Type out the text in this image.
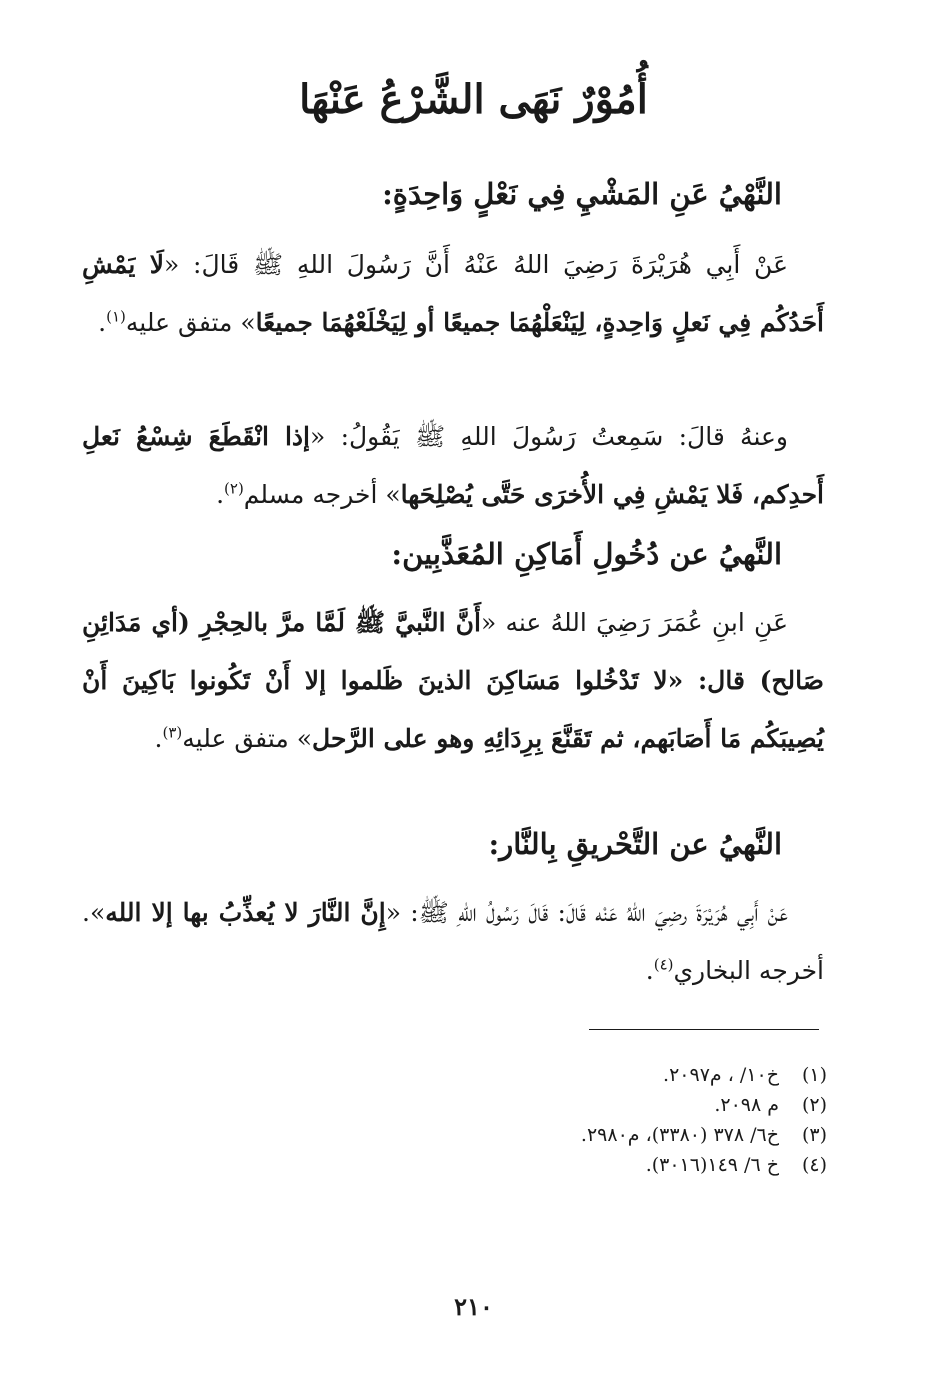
أُمُوْرٌ نَهَى الشَّرْعُ عَنْهَا
النَّهْيُ عَنِ المَشْيِ فِي نَعْلٍ وَاحِدَةٍ:
عَنْ أَبِي هُرَيْرَةَ رَضِيَ اللهُ عَنْهُ أَنَّ رَسُولَ اللهِ ﷺ قَالَ: «لَا يَمْشِ أَحَدُكُم فِي نَعلٍ وَاحِدةٍ، لِيَنْعَلْهُمَا جميعًا أو لِيَخْلَعْهُمَا جميعًا» متفق عليه$^{(١)}$.
وعنهُ قالَ: سَمِعتُ رَسُولَ اللهِ ﷺ يَقُولُ: «إذا انْقَطَعَ شِسْعُ نَعلِ أَحدِكم، فَلا يَمْشِ فِي الأُخرَى حَتَّى يُصْلِحَها» أخرجه مسلم$^{(٢)}$.
النَّهيُ عن دُخُولِ أَمَاكِنِ المُعَذَّبِين:
عَنِ ابنِ عُمَرَ رَضِيَ اللهُ عنه «أَنَّ النَّبيَّ ﷺ لَمَّا مرَّ بالحِجْرِ (أي مَدَائِنِ صَالح) قال: «لا تَدْخُلوا مَسَاكِنَ الذينَ ظَلموا إلا أَنْ تَكُونوا بَاكِينَ أَنْ يُصِيبَكُم مَا أَصَابَهم، ثم تَقَنَّعَ بِرِدَائِهِ وهو على الرَّحل» متفق عليه$^{(٣)}$.
النَّهيُ عن التَّحْريقِ بِالنَّار:
عَنْ أَبِي هُرَيْرَةَ رضِيَ اللهُ عَنْه قَالَ: قَالَ رَسُولُ اللهِ ﷺ: «إِنَّ النَّارَ لا يُعذِّبُ بها إلا الله». أخرجه البخاري$^{(٤)}$.
(١)
خ١٠/ ، م٢٠٩٧.
(٢)
م ٢٠٩٨.
(٣)
خ٦/ ٣٧٨ (٣٣٨٠)، م٢٩٨٠.
(٤)
خ ٦/ ١٤٩(٣٠١٦).
٢١٠
